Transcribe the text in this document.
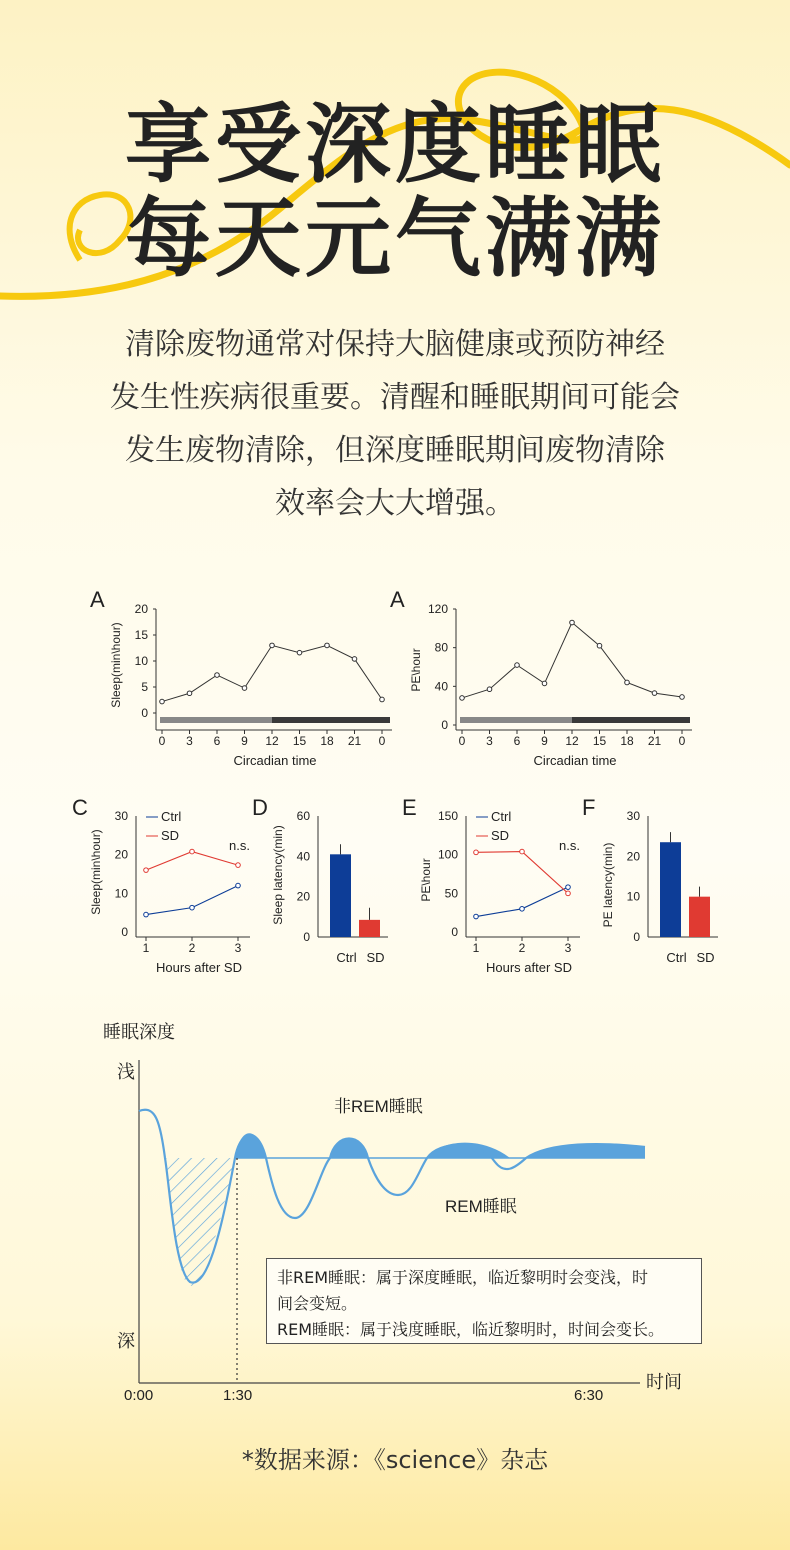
享受深度睡眠
每天元气满满
清除废物通常对保持大脑健康或预防神经
发生性疾病很重要。清醒和睡眠期间可能会
发生废物清除，但深度睡眠期间废物清除
效率会大大增强。
A
Sleep(min\hour)
Circadian time
0
5
10
15
20
0 3 6 9 12 15 18 21 0
A
PE\hour
Circadian time
0
40
80
120
0 3 6 9 12 15 18 21 0
C
Sleep(min\hour)
Hours after SD
Ctrl
SD
n.s.
0
10
20
30
1	2	3
D
Sleep latency(min)
0
20
40
60
Ctrl SD
E
PE\hour
Hours after SD
Ctrl
SD
n.s.
0
50
100
150
1	2	3
F
PE latency(min)
0
10
20
30
Ctrl SD
睡眠深度
浅
深
时间
0:00	1:30	6:30
非REM睡眠
REM睡眠
非REM睡眠：属于深度睡眠，临近黎明时会变浅，时
间会变短。
REM睡眠：属于浅度睡眠，临近黎明时，时间会变长。
*数据来源：《science》杂志
